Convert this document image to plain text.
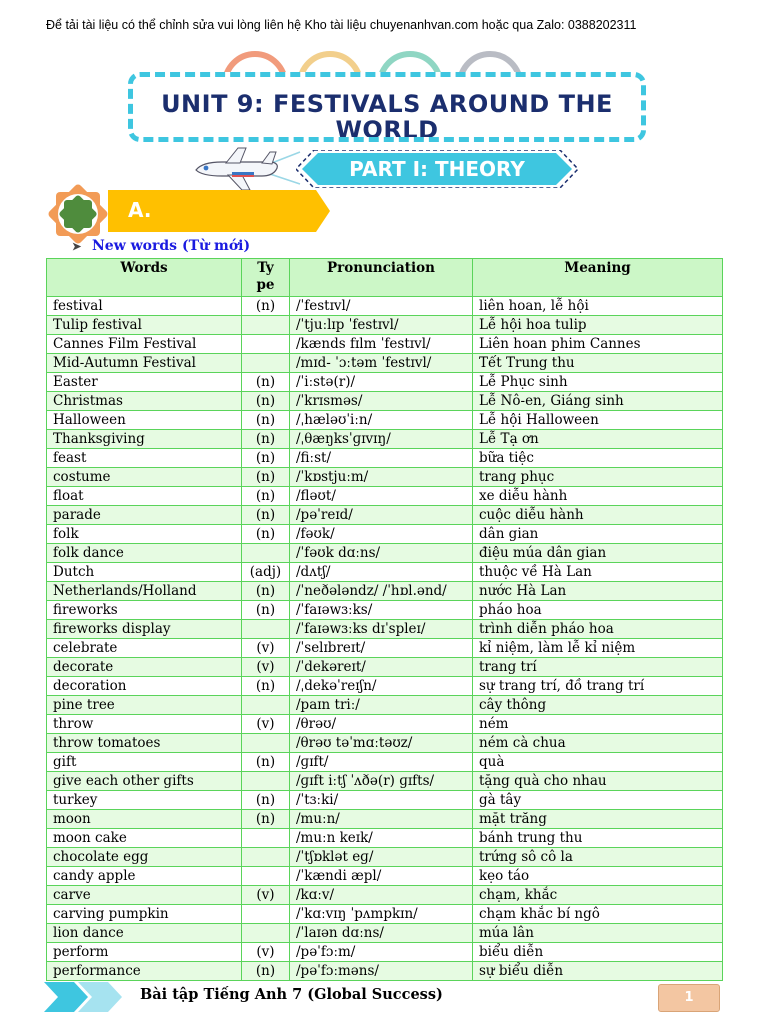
Để tải tài liệu có thể chỉnh sửa vui lòng liên hệ Kho tài liệu chuyenanhvan.com hoặc qua Zalo: 0388202311
UNIT 9: FESTIVALS AROUND THE WORLD
PART I: THEORY
A.
➤ New words (Từ mới)
Words	Type	Pronunciation	Meaning
festival	(n)	/ˈfestɪvl/	liên hoan, lễ hội
Tulip festival		/ˈtjuːlɪp ˈfestɪvl/	Lễ hội hoa tulip
Cannes Film Festival		/kænds fɪlm ˈfestɪvl/	Liên hoan phim Cannes
Mid-Autumn Festival		/mɪd- ˈɔːtəm ˈfestɪvl/	Tết Trung thu
Easter	(n)	/ˈiːstə(r)/	Lễ Phục sinh
Christmas	(n)	/ˈkrɪsməs/	Lễ Nô-en, Giáng sinh
Halloween	(n)	/ˌhæləʊˈiːn/	Lễ hội Halloween
Thanksgiving	(n)	/ˌθæŋksˈɡɪvɪŋ/	Lễ Tạ ơn
feast	(n)	/fiːst/	bữa tiệc
costume	(n)	/ˈkɒstjuːm/	trang phục
float	(n)	/fləʊt/	xe diễu hành
parade	(n)	/pəˈreɪd/	cuộc diễu hành
folk	(n)	/fəʊk/	dân gian
folk dance		/ˈfəʊk dɑːns/	điệu múa dân gian
Dutch	(adj)	/dʌtʃ/	thuộc về Hà Lan
Netherlands/Holland	(n)	/ˈneðələndz/ /ˈhɒl.ənd/	nước Hà Lan
fireworks	(n)	/ˈfaɪəwɜːks/	pháo hoa
fireworks display		/ˈfaɪəwɜːks dɪˈspleɪ/	trình diễn pháo hoa
celebrate	(v)	/ˈselɪbreɪt/	kỉ niệm, làm lễ kỉ niệm
decorate	(v)	/ˈdekəreɪt/	trang trí
decoration	(n)	/ˌdekəˈreɪʃn/	sự trang trí, đồ trang trí
pine tree		/paɪn triː/	cây thông
throw	(v)	/θrəʊ/	ném
throw tomatoes		/θrəʊ təˈmɑːtəʊz/	ném cà chua
gift	(n)	/ɡɪft/	quà
give each other gifts		/ɡɪft iːtʃ ˈʌðə(r) ɡɪfts/	tặng quà cho nhau
turkey	(n)	/ˈtɜːki/	gà tây
moon	(n)	/muːn/	mặt trăng
moon cake		/muːn keɪk/	bánh trung thu
chocolate egg		/ˈtʃɒklət eɡ/	trứng sô cô la
candy apple		/ˈkændi æpl/	kẹo táo
carve	(v)	/kɑːv/	chạm, khắc
carving pumpkin		/ˈkɑːvɪŋ ˈpʌmpkɪn/	chạm khắc bí ngô
lion dance		/ˈlaɪən dɑːns/	múa lân
perform	(v)	/pəˈfɔːm/	biểu diễn
performance	(n)	/pəˈfɔːməns/	sự biểu diễn
Bài tập Tiếng Anh 7 (Global Success)	1
